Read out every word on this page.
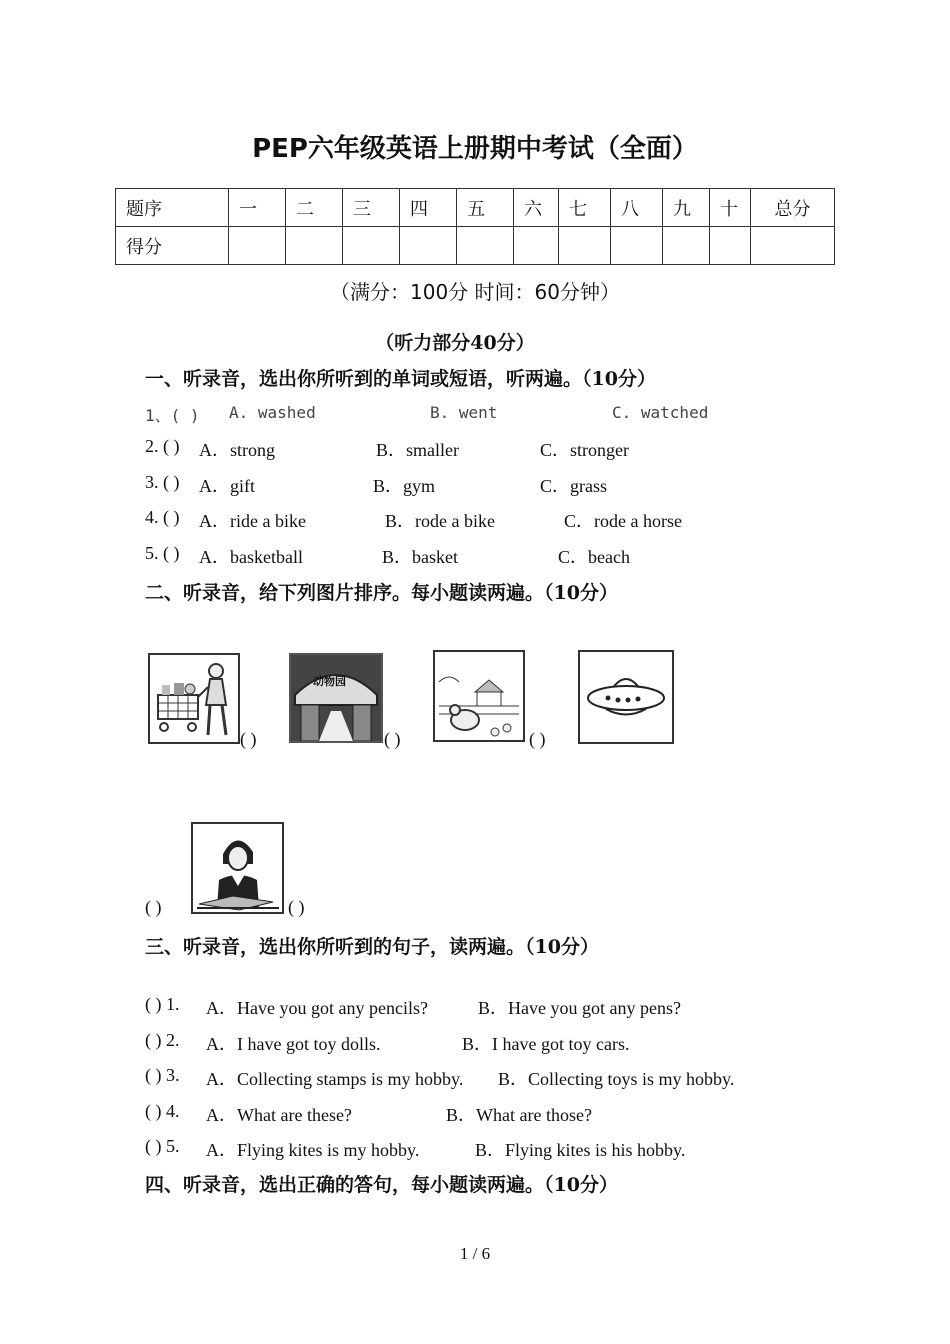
PEP六年级英语上册期中考试（全面）
题序	一	二	三	四	五	六	七	八	九	十	总分
得分											
（满分：100分 时间：60分钟）
（听力部分40分）
一、听录音，选出你所听到的单词或短语，听两遍。（10分）
1、( ) A. washed	B. went	C. watched
2. ( ) A．strong	B．smaller	C．stronger
3. ( ) A．gift	B．gym	C．grass
4. ( ) A．ride a bike	B．rode a bike	C．rode a horse
5. ( ) A．basketball	B．basket	C．beach
二、听录音，给下列图片排序。每小题读两遍。（10分）
( )
动物园
( )	( )
( )	( )
三、听录音，选出你所听到的句子，读两遍。（10分）
( ) 1. A．Have you got any pencils?	B．Have you got any pens?
( ) 2. A．I have got toy dolls.	B．I have got toy cars.
( ) 3. A．Collecting stamps is my hobby. B．Collecting toys is my hobby.
( ) 4. A．What are these?	B．What are those?
( ) 5. A．Flying kites is my hobby.	B．Flying kites is his hobby.
四、听录音，选出正确的答句，每小题读两遍。（10分）
1 / 6
